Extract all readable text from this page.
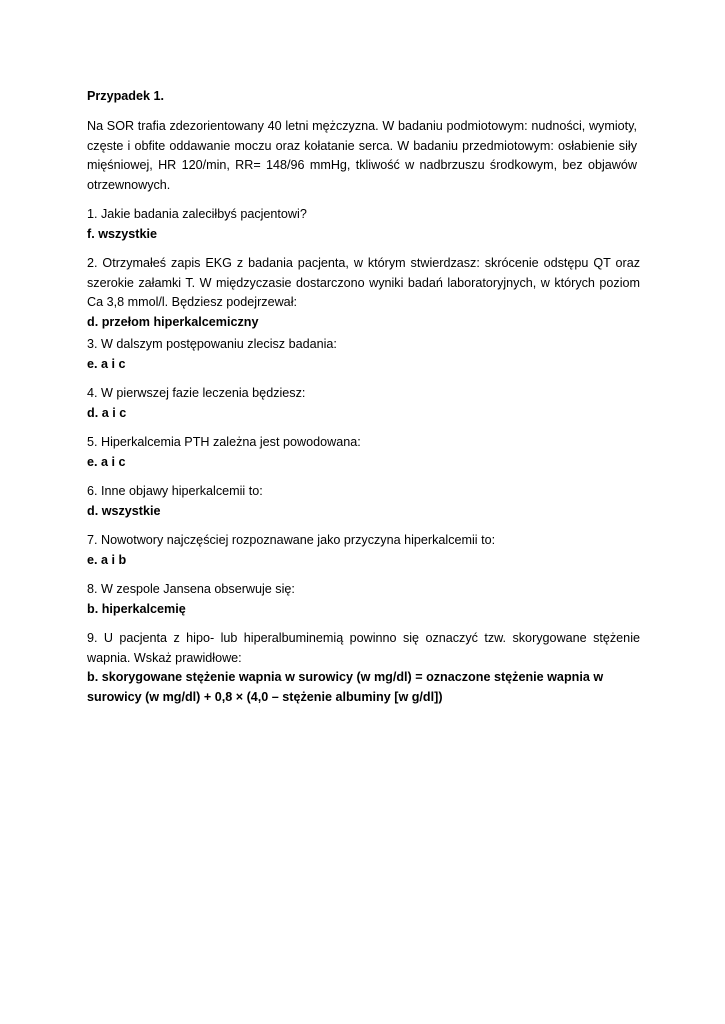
Przypadek 1.

Na SOR trafia zdezorientowany 40 letni mężczyzna. W badaniu podmiotowym: nudności, wymioty, częste i obfite oddawanie moczu oraz kołatanie serca. W badaniu przedmiotowym: osłabienie siły mięśniowej, HR 120/min, RR= 148/96 mmHg, tkliwość w nadbrzuszu środkowym, bez objawów otrzewnowych.

1. Jakie badania zaleciłbyś pacjentowi?
f. wszystkie
2. Otrzymałeś zapis EKG z badania pacjenta, w którym stwierdzasz: skrócenie odstępu QT oraz szerokie załamki T. W międzyczasie dostarczono wyniki badań laboratoryjnych, w których poziom Ca 3,8 mmol/l. Będziesz podejrzewał:
d. przełom hiperkalcemiczny
3. W dalszym postępowaniu zlecisz badania:
e. a i c
4. W pierwszej fazie leczenia będziesz:
d. a i c
5. Hiperkalcemia PTH zależna jest powodowana:
e. a i c
6. Inne objawy hiperkalcemii to:
d. wszystkie
7. Nowotwory najczęściej rozpoznawane jako przyczyna hiperkalcemii to:
e. a i b
8. W zespole Jansena obserwuje się:
b. hiperkalcemię
9. U pacjenta z hipo- lub hiperalbuminemią powinno się oznaczyć tzw. skorygowane stężenie wapnia. Wskaż prawidłowe:
b. skorygowane stężenie wapnia w surowicy (w mg/dl) = oznaczone stężenie wapnia w surowicy (w mg/dl) + 0,8 × (4,0 – stężenie albuminy [w g/dl])
